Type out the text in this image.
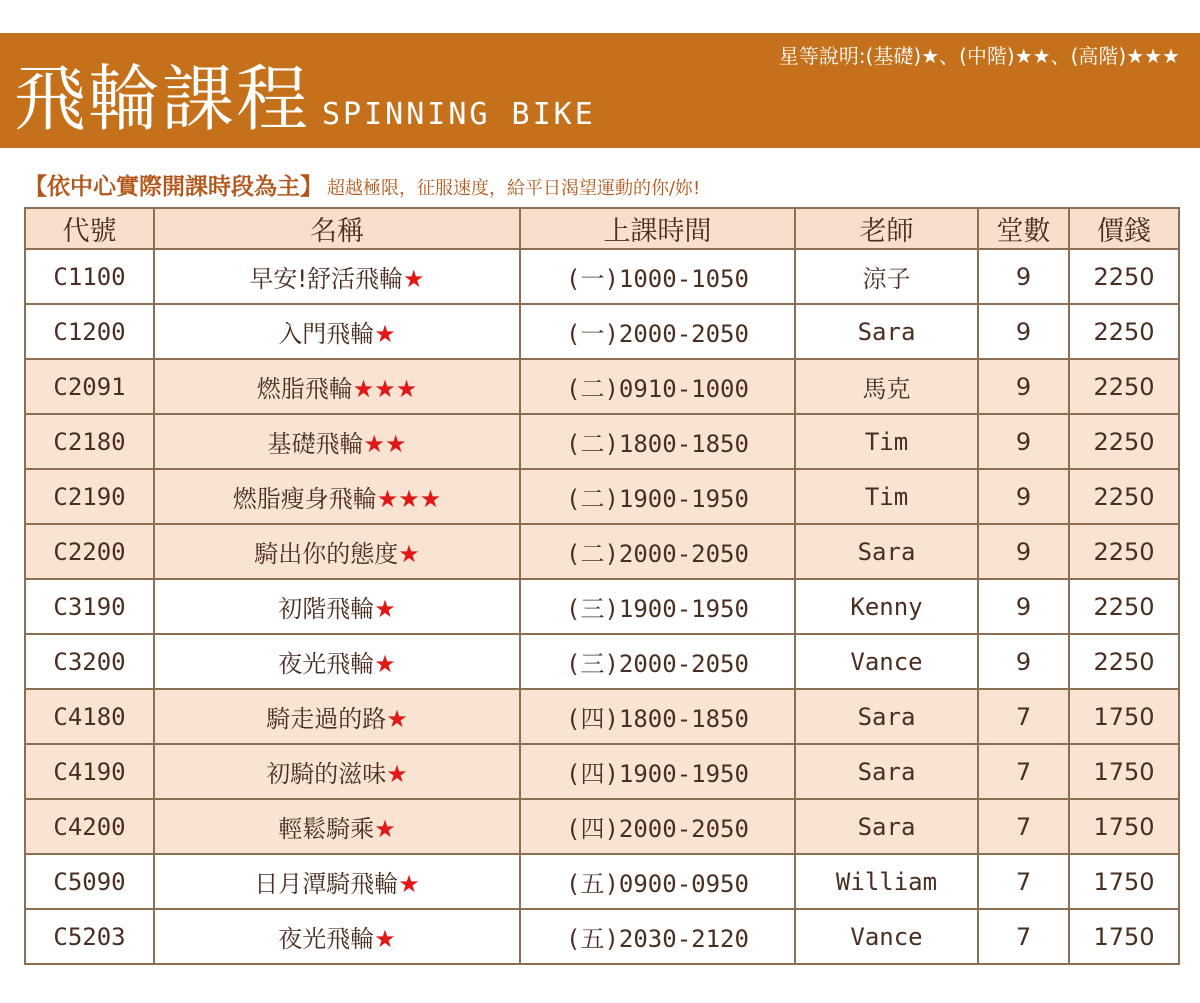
飛輪課程 SPINNING BIKE
星等說明:(基礎)★、(中階)★★、(高階)★★★
【依中心實際開課時段為主】 超越極限，征服速度，給平日渴望運動的你/妳!
代號	名稱	上課時間	老師	堂數	價錢
C1100	早安!舒活飛輪★	(一)1000-1050	涼子	9	2250
C1200	入門飛輪★	(一)2000-2050	Sara	9	2250
C2091	燃脂飛輪★★★	(二)0910-1000	馬克	9	2250
C2180	基礎飛輪★★	(二)1800-1850	Tim	9	2250
C2190	燃脂瘦身飛輪★★★	(二)1900-1950	Tim	9	2250
C2200	騎出你的態度★	(二)2000-2050	Sara	9	2250
C3190	初階飛輪★	(三)1900-1950	Kenny	9	2250
C3200	夜光飛輪★	(三)2000-2050	Vance	9	2250
C4180	騎走過的路★	(四)1800-1850	Sara	7	1750
C4190	初騎的滋味★	(四)1900-1950	Sara	7	1750
C4200	輕鬆騎乘★	(四)2000-2050	Sara	7	1750
C5090	日月潭騎飛輪★	(五)0900-0950	William	7	1750
C5203	夜光飛輪★	(五)2030-2120	Vance	7	1750
